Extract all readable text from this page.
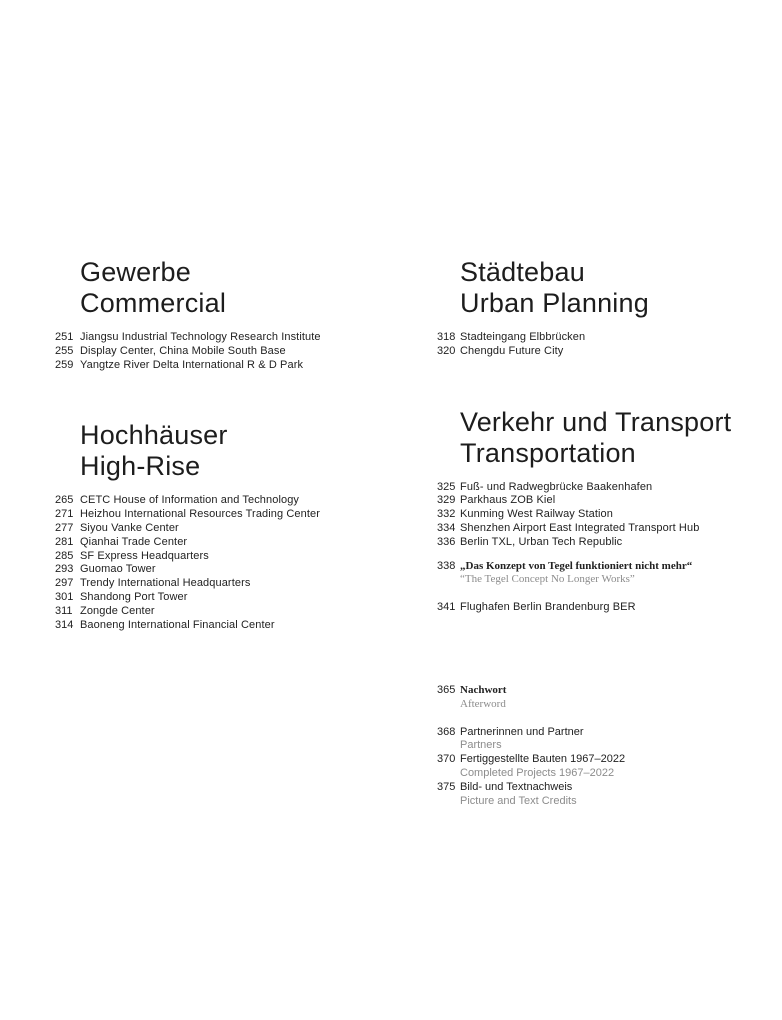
Gewerbe
Commercial
251 Jiangsu Industrial Technology Research Institute
255 Display Center, China Mobile South Base
259 Yangtze River Delta International R & D Park
Hochhäuser
High-Rise
265 CETC House of Information and Technology
271 Heizhou International Resources Trading Center
277 Siyou Vanke Center
281 Qianhai Trade Center
285 SF Express Headquarters
293 Guomao Tower
297 Trendy International Headquarters
301 Shandong Port Tower
311 Zongde Center
314 Baoneng International Financial Center
Städtebau
Urban Planning
318 Stadteingang Elbbrücken
320 Chengdu Future City
Verkehr und Transport
Transportation
325 Fuß- und Radwegbrücke Baakenhafen
329 Parkhaus ZOB Kiel
332 Kunming West Railway Station
334 Shenzhen Airport East Integrated Transport Hub
336 Berlin TXL, Urban Tech Republic
338 „Das Konzept von Tegel funktioniert nicht mehr“
“The Tegel Concept No Longer Works”
341 Flughafen Berlin Brandenburg BER
365 Nachwort
Afterword
368 Partnerinnen und Partner
Partners
370 Fertiggestellte Bauten 1967–2022
Completed Projects 1967–2022
375 Bild- und Textnachweis
Picture and Text Credits
